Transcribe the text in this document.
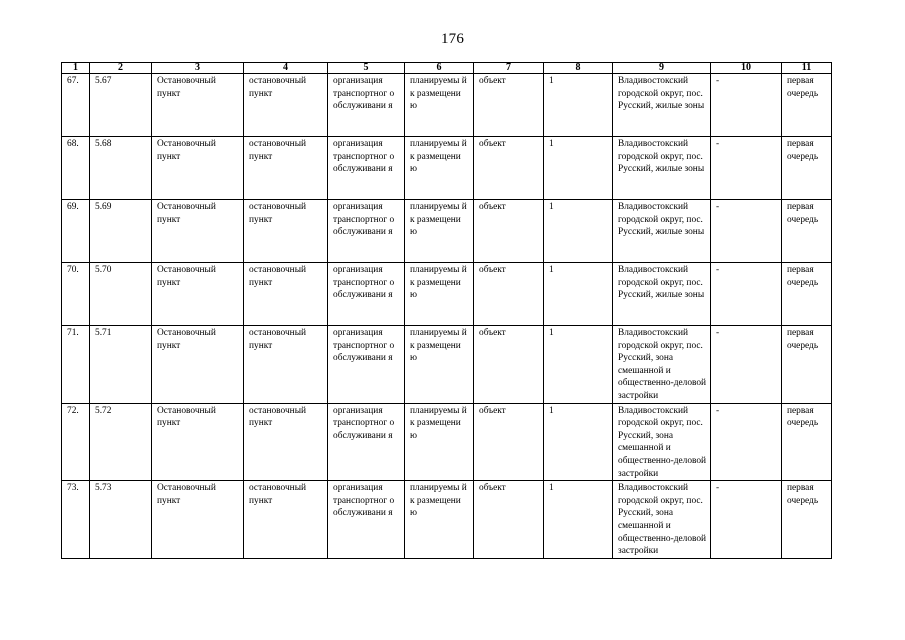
176
1	2	3	4	5	6	7	8	9	10	11
67.	5.67	Остановочный пункт	остановочный пункт	организация транспортног о обслуживани я	планируемы й к размещени ю	объект	1	Владивостокский городской округ, пос. Русский, жилые зоны	-	первая очередь
68.	5.68	Остановочный пункт	остановочный пункт	организация транспортног о обслуживани я	планируемы й к размещени ю	объект	1	Владивостокский городской округ, пос. Русский, жилые зоны	-	первая очередь
69.	5.69	Остановочный пункт	остановочный пункт	организация транспортног о обслуживани я	планируемы й к размещени ю	объект	1	Владивостокский городской округ, пос. Русский, жилые зоны	-	первая очередь
70.	5.70	Остановочный пункт	остановочный пункт	организация транспортног о обслуживани я	планируемы й к размещени ю	объект	1	Владивостокский городской округ, пос. Русский, жилые зоны	-	первая очередь
71.	5.71	Остановочный пункт	остановочный пункт	организация транспортног о обслуживани я	планируемы й к размещени ю	объект	1	Владивостокский городской округ, пос. Русский, зона смешанной и общественно-деловой застройки	-	первая очередь
72.	5.72	Остановочный пункт	остановочный пункт	организация транспортног о обслуживани я	планируемы й к размещени ю	объект	1	Владивостокский городской округ, пос. Русский, зона смешанной и общественно-деловой застройки	-	первая очередь
73.	5.73	Остановочный пункт	остановочный пункт	организация транспортног о обслуживани я	планируемы й к размещени ю	объект	1	Владивостокский городской округ, пос. Русский, зона смешанной и общественно-деловой застройки	-	первая очередь
